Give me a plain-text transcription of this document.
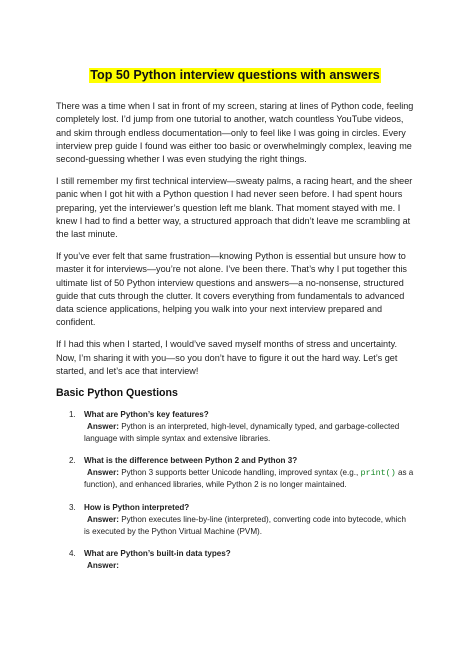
Top 50 Python interview questions with answers

There was a time when I sat in front of my screen, staring at lines of Python code, feeling completely lost. I’d jump from one tutorial to another, watch countless YouTube videos, and skim through endless documentation—only to feel like I was going in circles. Every interview prep guide I found was either too basic or overwhelmingly complex, leaving me second-guessing whether I was even studying the right things.

I still remember my first technical interview—sweaty palms, a racing heart, and the sheer panic when I got hit with a Python question I had never seen before. I had spent hours preparing, yet the interviewer’s question left me blank. That moment stayed with me. I knew I had to find a better way, a structured approach that didn’t leave me scrambling at the last minute.

If you’ve ever felt that same frustration—knowing Python is essential but unsure how to master it for interviews—you’re not alone. I’ve been there. That’s why I put together this ultimate list of 50 Python interview questions and answers—a no-nonsense, structured guide that cuts through the clutter. It covers everything from fundamentals to advanced data science applications, helping you walk into your next interview prepared and confident.

If I had this when I started, I would’ve saved myself months of stress and uncertainty. Now, I’m sharing it with you—so you don’t have to figure it out the hard way. Let’s get started, and let’s ace that interview!

Basic Python Questions
1. What are Python’s key features?
Answer: Python is an interpreted, high-level, dynamically typed, and garbage-collected language with simple syntax and extensive libraries.
2. What is the difference between Python 2 and Python 3?
Answer: Python 3 supports better Unicode handling, improved syntax (e.g., print() as a function), and enhanced libraries, while Python 2 is no longer maintained.
3. How is Python interpreted?
Answer: Python executes line-by-line (interpreted), converting code into bytecode, which is executed by the Python Virtual Machine (PVM).
4. What are Python’s built-in data types?
Answer:
